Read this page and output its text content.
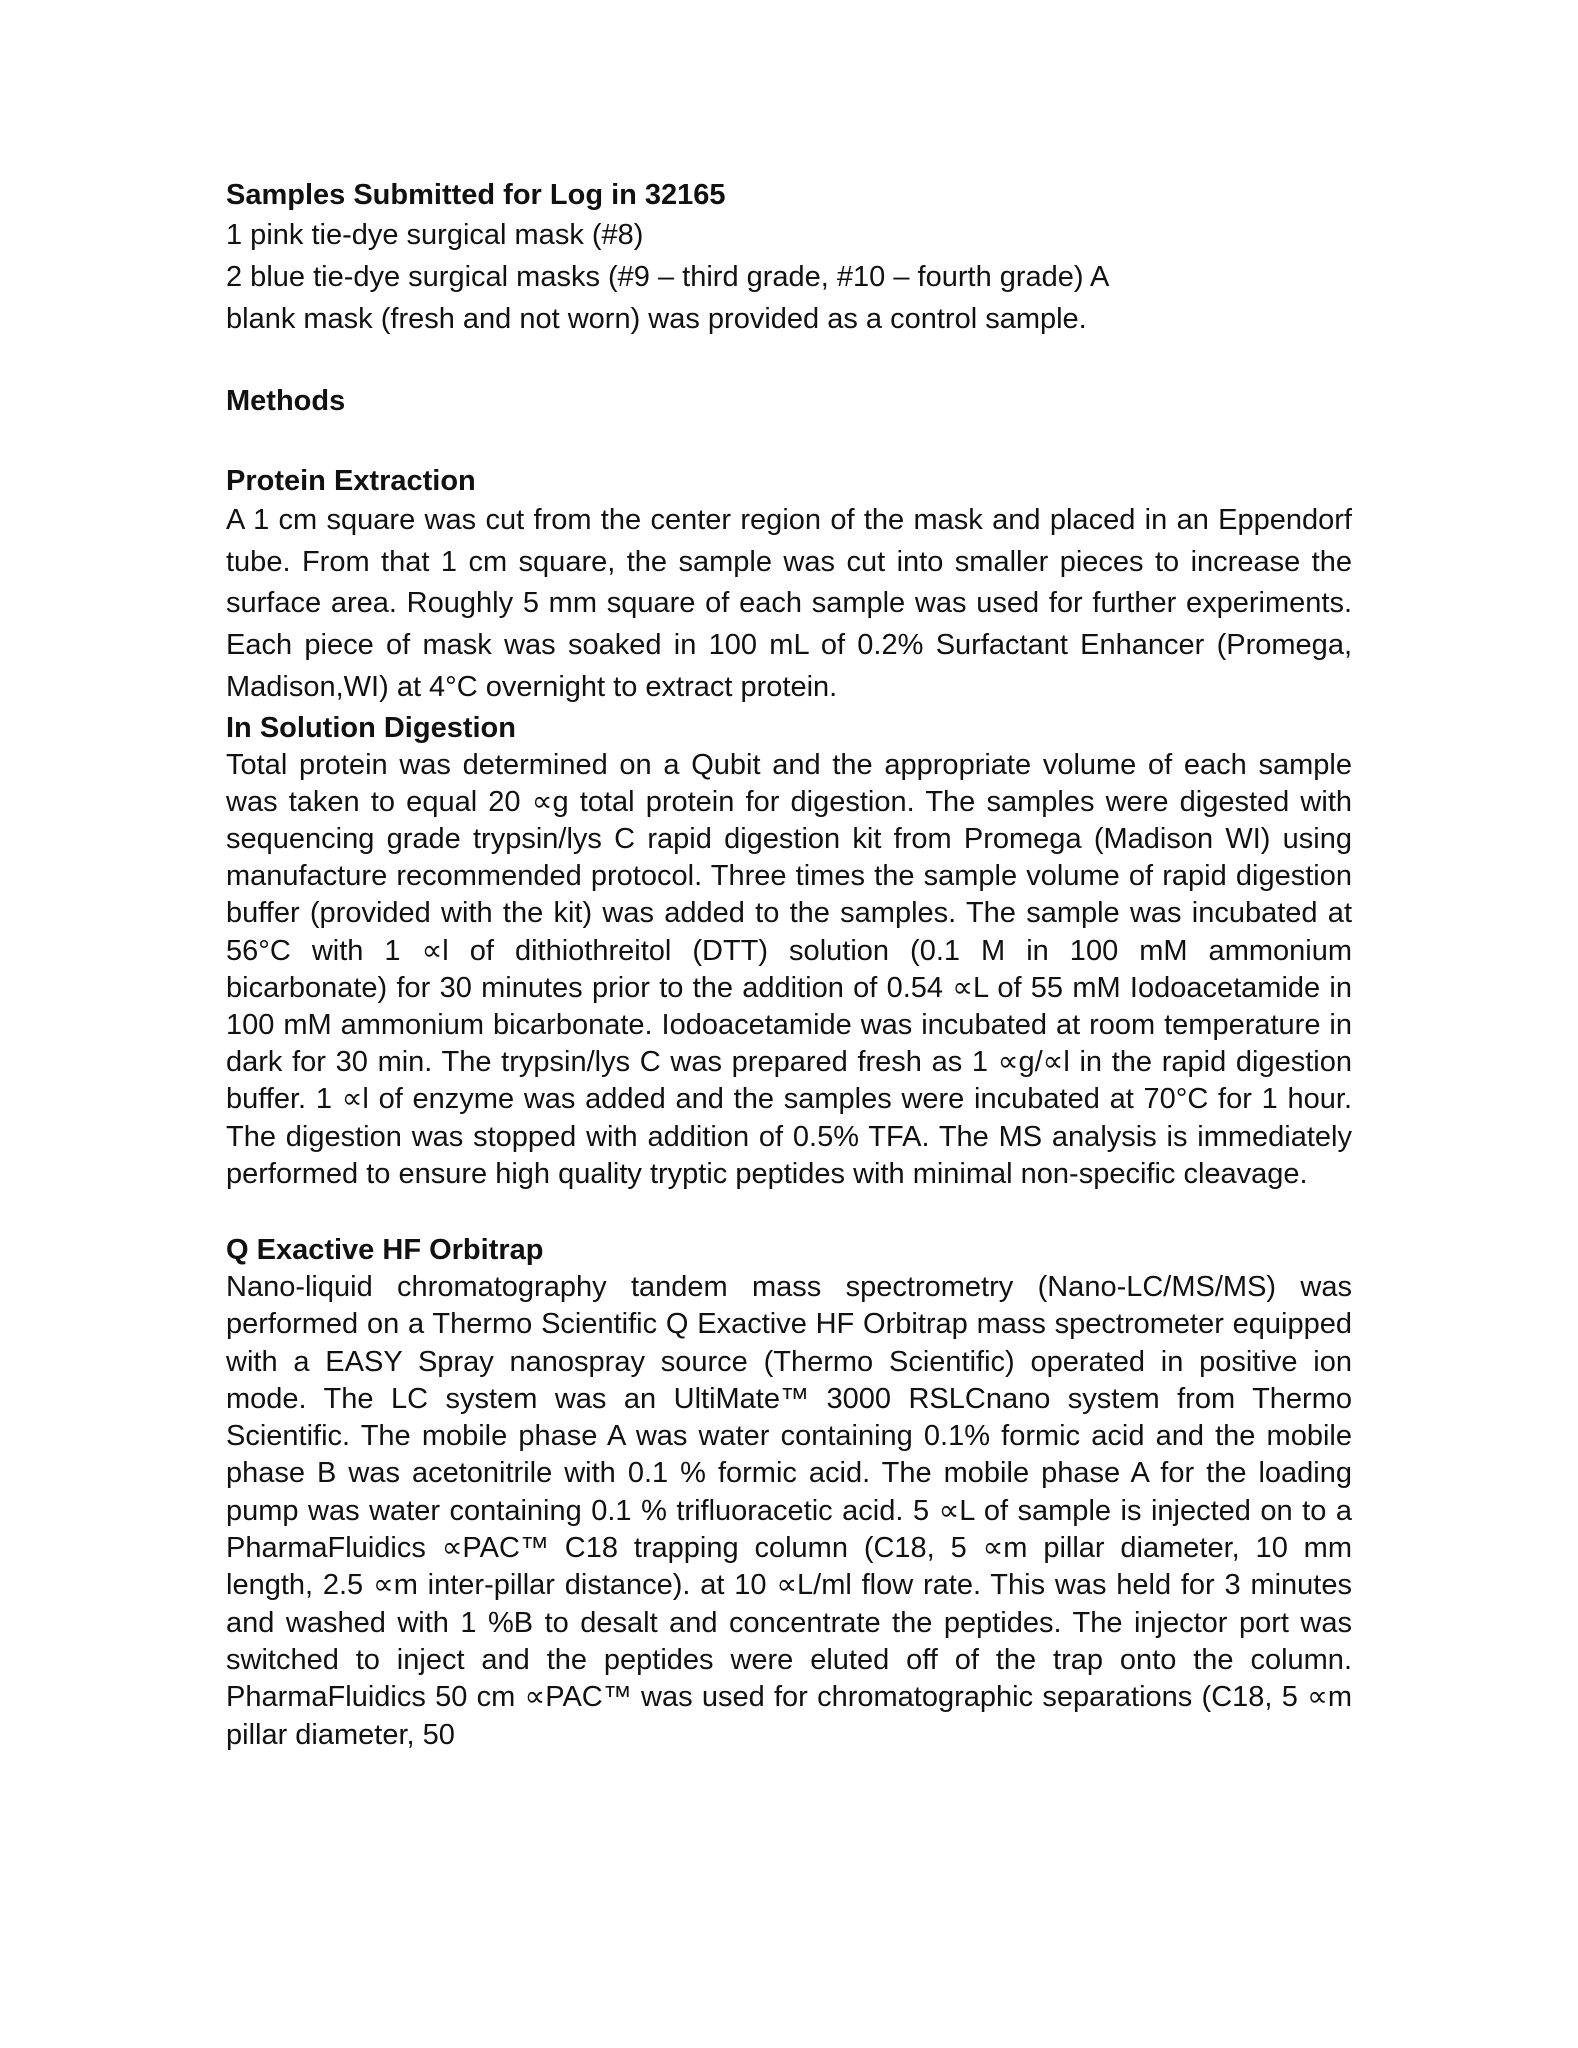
Samples Submitted for Log in 32165

1 pink tie-dye surgical mask (#8)

2 blue tie-dye surgical masks (#9 – third grade, #10 – fourth grade) A

blank mask (fresh and not worn) was provided as a control sample.

Methods

Protein Extraction

A 1 cm square was cut from the center region of the mask and placed in an Eppendorf tube. From that 1 cm square, the sample was cut into smaller pieces to increase the surface area. Roughly 5 mm square of each sample was used for further experiments. Each piece of mask was soaked in 100 mL of 0.2% Surfactant Enhancer (Promega, Madison,WI) at 4°C overnight to extract protein.

In Solution Digestion

Total protein was determined on a Qubit and the appropriate volume of each sample was taken to equal 20 ∝g total protein for digestion. The samples were digested with sequencing grade trypsin/lys C rapid digestion kit from Promega (Madison WI) using manufacture recommended protocol. Three times the sample volume of rapid digestion buffer (provided with the kit) was added to the samples. The sample was incubated at 56°C with 1 ∝l of dithiothreitol (DTT) solution (0.1 M in 100 mM ammonium bicarbonate) for 30 minutes prior to the addition of 0.54 ∝L of 55 mM Iodoacetamide in 100 mM ammonium bicarbonate. Iodoacetamide was incubated at room temperature in dark for 30 min. The trypsin/lys C was prepared fresh as 1 ∝g/∝l in the rapid digestion buffer. 1 ∝l of enzyme was added and the samples were incubated at 70°C for 1 hour. The digestion was stopped with addition of 0.5% TFA. The MS analysis is immediately performed to ensure high quality tryptic peptides with minimal non-specific cleavage.

Q Exactive HF Orbitrap

Nano-liquid chromatography tandem mass spectrometry (Nano-LC/MS/MS) was performed on a Thermo Scientific Q Exactive HF Orbitrap mass spectrometer equipped with a EASY Spray nanospray source (Thermo Scientific) operated in positive ion mode. The LC system was an UltiMate™ 3000 RSLCnano system from Thermo Scientific. The mobile phase A was water containing 0.1% formic acid and the mobile phase B was acetonitrile with 0.1 % formic acid. The mobile phase A for the loading pump was water containing 0.1 % trifluoracetic acid. 5 ∝L of sample is injected on to a PharmaFluidics ∝PAC™ C18 trapping column (C18, 5 ∝m pillar diameter, 10 mm length, 2.5 ∝m inter-pillar distance). at 10 ∝L/ml flow rate. This was held for 3 minutes and washed with 1 %B to desalt and concentrate the peptides. The injector port was switched to inject and the peptides were eluted off of the trap onto the column. PharmaFluidics 50 cm ∝PAC™ was used for chromatographic separations (C18, 5 ∝m pillar diameter, 50
